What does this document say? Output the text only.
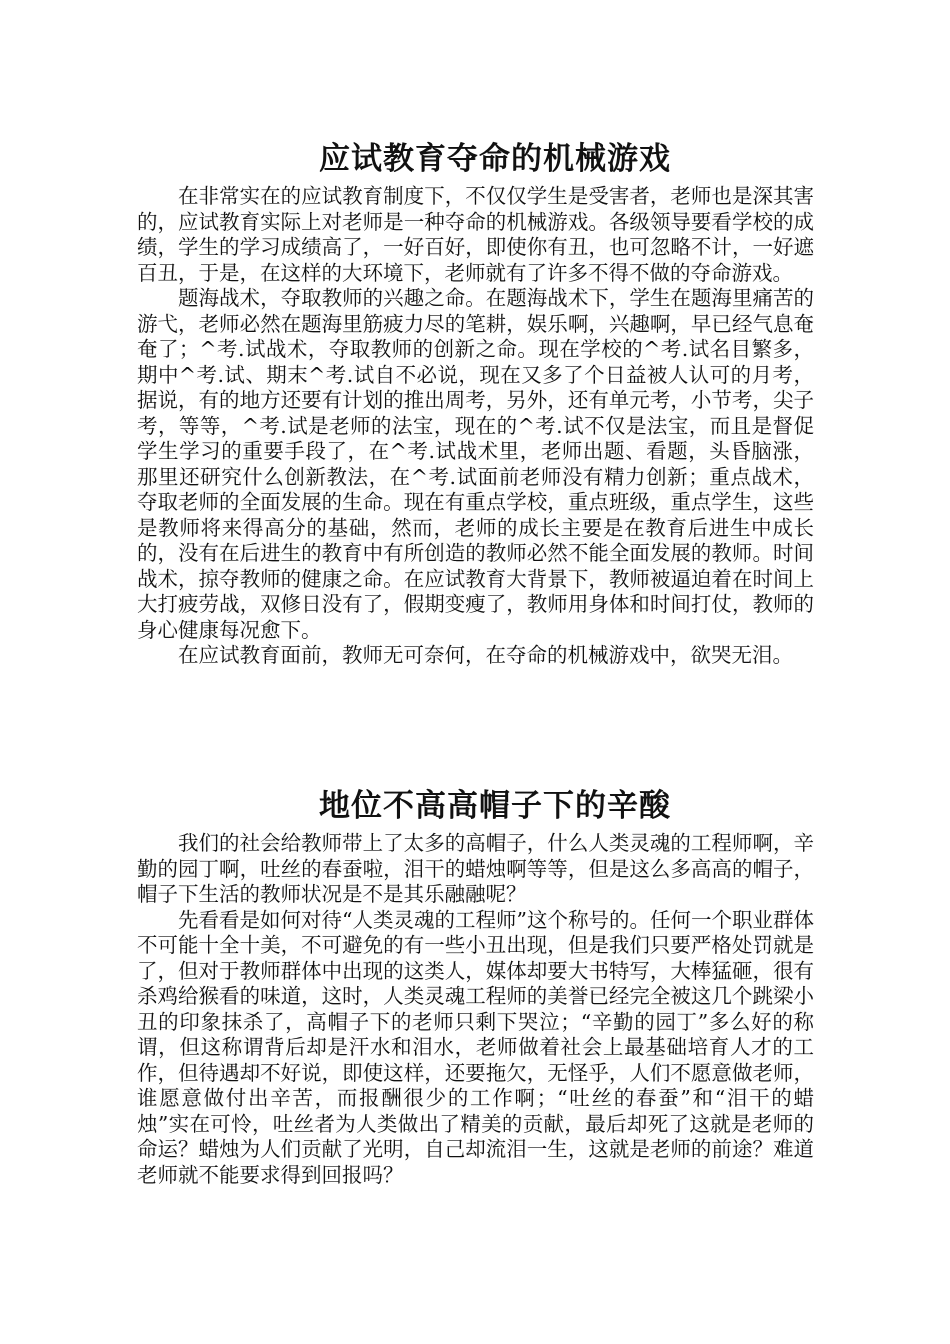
应试教育夺命的机械游戏

在非常实在的应试教育制度下，不仅仅学生是受害者，老师也是深其害的，应试教育实际上对老师是一种夺命的机械游戏。各级领导要看学校的成绩，学生的学习成绩高了，一好百好，即使你有丑，也可忽略不计，一好遮百丑，于是，在这样的大环境下，老师就有了许多不得不做的夺命游戏。

题海战术，夺取教师的兴趣之命。在题海战术下，学生在题海里痛苦的游弋，老师必然在题海里筋疲力尽的笔耕，娱乐啊，兴趣啊，早已经气息奄奄了；^考.试战术，夺取教师的创新之命。现在学校的^考.试名目繁多，期中^考.试、期末^考.试自不必说，现在又多了个日益被人认可的月考，据说，有的地方还要有计划的推出周考，另外，还有单元考，小节考，尖子考，等等，^考.试是老师的法宝，现在的^考.试不仅是法宝，而且是督促学生学习的重要手段了，在^考.试战术里，老师出题、看题，头昏脑涨，那里还研究什么创新教法，在^考.试面前老师没有精力创新；重点战术，夺取老师的全面发展的生命。现在有重点学校，重点班级，重点学生，这些是教师将来得高分的基础，然而，老师的成长主要是在教育后进生中成长的，没有在后进生的教育中有所创造的教师必然不能全面发展的教师。时间战术，掠夺教师的健康之命。在应试教育大背景下，教师被逼迫着在时间上大打疲劳战，双修日没有了，假期变瘦了，教师用身体和时间打仗，教师的身心健康每况愈下。

在应试教育面前，教师无可奈何，在夺命的机械游戏中，欲哭无泪。

地位不高高帽子下的辛酸

我们的社会给教师带上了太多的高帽子，什么人类灵魂的工程师啊，辛勤的园丁啊，吐丝的春蚕啦，泪干的蜡烛啊等等，但是这么多高高的帽子，帽子下生活的教师状况是不是其乐融融呢？

先看看是如何对待“人类灵魂的工程师”这个称号的。任何一个职业群体不可能十全十美，不可避免的有一些小丑出现，但是我们只要严格处罚就是了，但对于教师群体中出现的这类人，媒体却要大书特写，大棒猛砸，很有杀鸡给猴看的味道，这时，人类灵魂工程师的美誉已经完全被这几个跳梁小丑的印象抹杀了，高帽子下的老师只剩下哭泣；“辛勤的园丁”多么好的称谓，但这称谓背后却是汗水和泪水，老师做着社会上最基础培育人才的工作，但待遇却不好说，即使这样，还要拖欠，无怪乎，人们不愿意做老师，谁愿意做付出辛苦，而报酬很少的工作啊；“吐丝的春蚕”和“泪干的蜡烛”实在可怜，吐丝者为人类做出了精美的贡献，最后却死了这就是老师的命运？蜡烛为人们贡献了光明，自己却流泪一生，这就是老师的前途？难道老师就不能要求得到回报吗？
